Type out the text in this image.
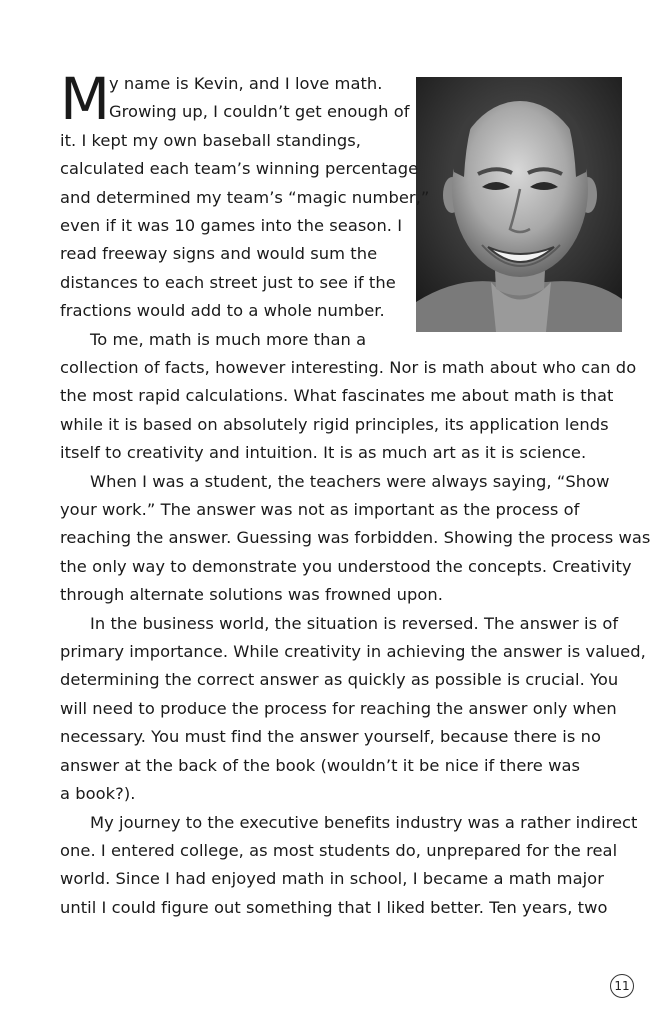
M
y name is Kevin, and I love math.
Growing up, I couldn’t get enough of
it. I kept my own baseball standings,
calculated each team’s winning percentage
and determined my team’s “magic number,”
even if it was 10 games into the season. I
read freeway signs and would sum the
distances to each street just to see if the
fractions would add to a whole number.
To me, math is much more than a
collection of facts, however interesting. Nor is math about who can do
the most rapid calculations. What fascinates me about math is that
while it is based on absolutely rigid principles, its application lends
itself to creativity and intuition. It is as much art as it is science.
When I was a student, the teachers were always saying, “Show
your work.” The answer was not as important as the process of
reaching the answer. Guessing was forbidden. Showing the process was
the only way to demonstrate you understood the concepts. Creativity
through alternate solutions was frowned upon.
In the business world, the situation is reversed. The answer is of
primary importance. While creativity in achieving the answer is valued,
determining the correct answer as quickly as possible is crucial. You
will need to produce the process for reaching the answer only when
necessary. You must find the answer yourself, because there is no
answer at the back of the book (wouldn’t it be nice if there was
a book?).
My journey to the executive benefits industry was a rather indirect
one. I entered college, as most students do, unprepared for the real
world. Since I had enjoyed math in school, I became a math major
until I could figure out something that I liked better. Ten years, two
11
